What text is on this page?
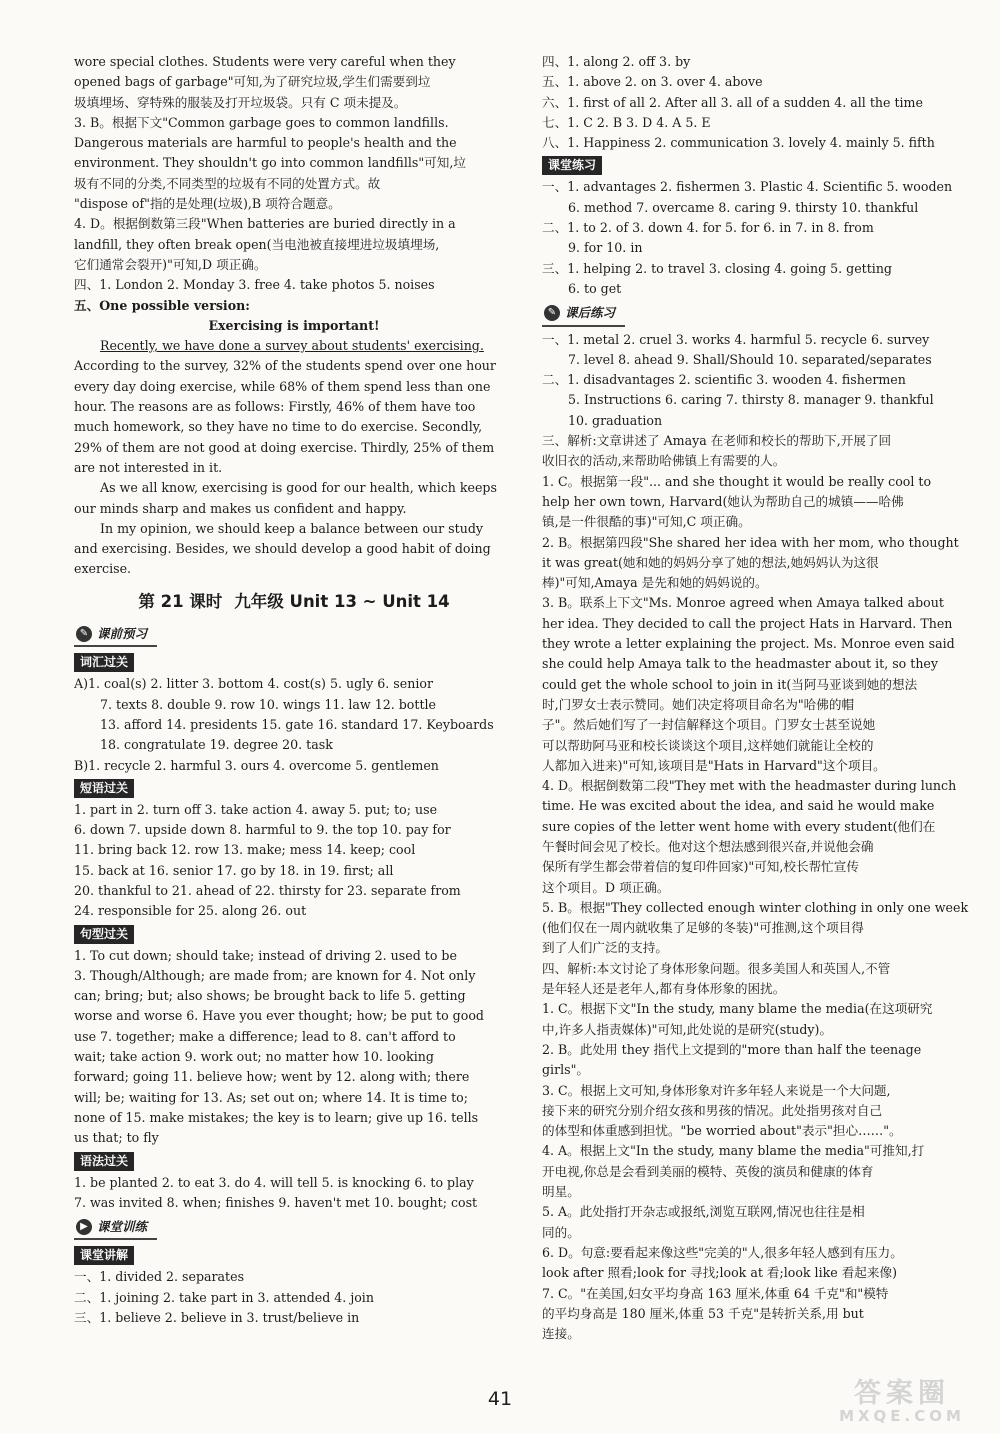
wore special clothes. Students were very careful when they
opened bags of garbage"可知,为了研究垃圾,学生们需要到垃
圾填埋场、穿特殊的服装及打开垃圾袋。只有 C 项未提及。
3. B。根据下文"Common garbage goes to common landfills.
Dangerous materials are harmful to people's health and the
environment. They shouldn't go into common landfills"可知,垃
圾有不同的分类,不同类型的垃圾有不同的处置方式。故
"dispose of"指的是处理(垃圾),B 项符合题意。
4. D。根据倒数第三段"When batteries are buried directly in a
landfill, they often break open(当电池被直接埋进垃圾填埋场,
它们通常会裂开)"可知,D 项正确。
四、1. London 2. Monday 3. free 4. take photos 5. noises
五、One possible version:
Exercising is important!
Recently, we have done a survey about students' exercising.
According to the survey, 32% of the students spend over one hour
every day doing exercise, while 68% of them spend less than one
hour. The reasons are as follows: Firstly, 46% of them have too
much homework, so they have no time to do exercise. Secondly,
29% of them are not good at doing exercise. Thirdly, 25% of them
are not interested in it.
As we all know, exercising is good for our health, which keeps
our minds sharp and makes us confident and happy.
In my opinion, we should keep a balance between our study
and exercising. Besides, we should develop a good habit of doing
exercise.
第 21 课时 九年级 Unit 13 ~ Unit 14
✎ 课前预习
词汇过关
A)1. coal(s) 2. litter 3. bottom 4. cost(s) 5. ugly 6. senior
7. texts 8. double 9. row 10. wings 11. law 12. bottle
13. afford 14. presidents 15. gate 16. standard 17. Keyboards
18. congratulate 19. degree 20. task
B)1. recycle 2. harmful 3. ours 4. overcome 5. gentlemen
短语过关
1. part in 2. turn off 3. take action 4. away 5. put; to; use
6. down 7. upside down 8. harmful to 9. the top 10. pay for
11. bring back 12. row 13. make; mess 14. keep; cool
15. back at 16. senior 17. go by 18. in 19. first; all
20. thankful to 21. ahead of 22. thirsty for 23. separate from
24. responsible for 25. along 26. out
句型过关
1. To cut down; should take; instead of driving 2. used to be
3. Though/Although; are made from; are known for 4. Not only
can; bring; but; also shows; be brought back to life 5. getting
worse and worse 6. Have you ever thought; how; be put to good
use 7. together; make a difference; lead to 8. can't afford to
wait; take action 9. work out; no matter how 10. looking
forward; going 11. believe how; went by 12. along with; there
will; be; waiting for 13. As; set out on; where 14. It is time to;
none of 15. make mistakes; the key is to learn; give up 16. tells
us that; to fly
语法过关
1. be planted 2. to eat 3. do 4. will tell 5. is knocking 6. to play
7. was invited 8. when; finishes 9. haven't met 10. bought; cost
▶ 课堂训练
课堂讲解
一、1. divided 2. separates
二、1. joining 2. take part in 3. attended 4. join
三、1. believe 2. believe in 3. trust/believe in
四、1. along 2. off 3. by
五、1. above 2. on 3. over 4. above
六、1. first of all 2. After all 3. all of a sudden 4. all the time
七、1. C 2. B 3. D 4. A 5. E
八、1. Happiness 2. communication 3. lovely 4. mainly 5. fifth
课堂练习
一、1. advantages 2. fishermen 3. Plastic 4. Scientific 5. wooden
6. method 7. overcame 8. caring 9. thirsty 10. thankful
二、1. to 2. of 3. down 4. for 5. for 6. in 7. in 8. from
9. for 10. in
三、1. helping 2. to travel 3. closing 4. going 5. getting
6. to get
✎ 课后练习
一、1. metal 2. cruel 3. works 4. harmful 5. recycle 6. survey
7. level 8. ahead 9. Shall/Should 10. separated/separates
二、1. disadvantages 2. scientific 3. wooden 4. fishermen
5. Instructions 6. caring 7. thirsty 8. manager 9. thankful
10. graduation
三、解析:文章讲述了 Amaya 在老师和校长的帮助下,开展了回
收旧衣的活动,来帮助哈佛镇上有需要的人。
1. C。根据第一段"... and she thought it would be really cool to
help her own town, Harvard(她认为帮助自己的城镇——哈佛
镇,是一件很酷的事)"可知,C 项正确。
2. B。根据第四段"She shared her idea with her mom, who thought
it was great(她和她的妈妈分享了她的想法,她妈妈认为这很
棒)"可知,Amaya 是先和她的妈妈说的。
3. B。联系上下文"Ms. Monroe agreed when Amaya talked about
her idea. They decided to call the project Hats in Harvard. Then
they wrote a letter explaining the project. Ms. Monroe even said
she could help Amaya talk to the headmaster about it, so they
could get the whole school to join in it(当阿马亚谈到她的想法
时,门罗女士表示赞同。她们决定将项目命名为"哈佛的帽
子"。然后她们写了一封信解释这个项目。门罗女士甚至说她
可以帮助阿马亚和校长谈谈这个项目,这样她们就能让全校的
人都加入进来)"可知,该项目是"Hats in Harvard"这个项目。
4. D。根据倒数第二段"They met with the headmaster during lunch
time. He was excited about the idea, and said he would make
sure copies of the letter went home with every student(他们在
午餐时间会见了校长。他对这个想法感到很兴奋,并说他会确
保所有学生都会带着信的复印件回家)"可知,校长帮忙宣传
这个项目。D 项正确。
5. B。根据"They collected enough winter clothing in only one week
(他们仅在一周内就收集了足够的冬装)"可推测,这个项目得
到了人们广泛的支持。
四、解析:本文讨论了身体形象问题。很多美国人和英国人,不管
是年轻人还是老年人,都有身体形象的困扰。
1. C。根据下文"In the study, many blame the media(在这项研究
中,许多人指责媒体)"可知,此处说的是研究(study)。
2. B。此处用 they 指代上文提到的"more than half the teenage
girls"。
3. C。根据上文可知,身体形象对许多年轻人来说是一个大问题,
接下来的研究分别介绍女孩和男孩的情况。此处指男孩对自己
的体型和体重感到担忧。"be worried about"表示"担心……"。
4. A。根据上文"In the study, many blame the media"可推知,打
开电视,你总是会看到美丽的模特、英俊的演员和健康的体育
明星。
5. A。此处指打开杂志或报纸,浏览互联网,情况也往往是相
同的。
6. D。句意:要看起来像这些"完美的"人,很多年轻人感到有压力。
look after 照看;look for 寻找;look at 看;look like 看起来像)
7. C。"在美国,妇女平均身高 163 厘米,体重 64 千克"和"模特
的平均身高是 180 厘米,体重 53 千克"是转折关系,用 but
连接。
41	答案圈
MXQE.COM
